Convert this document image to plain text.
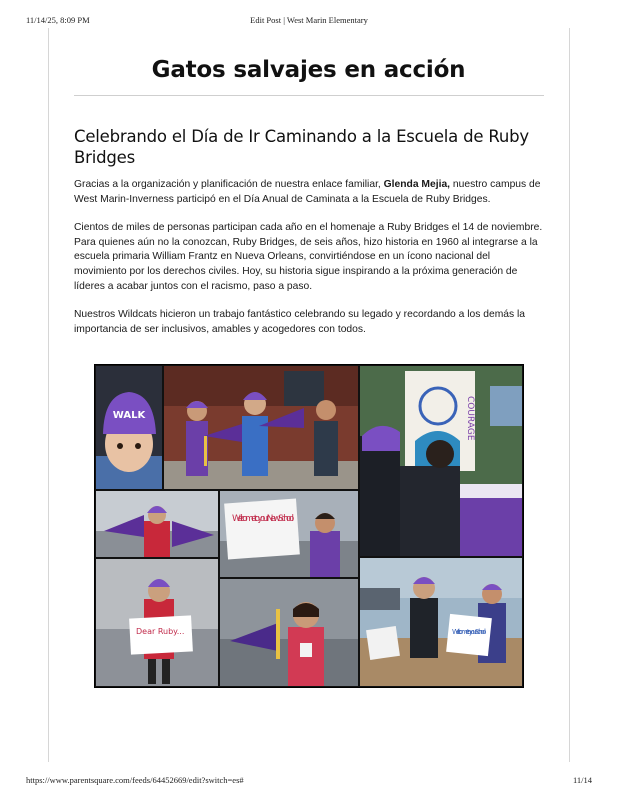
11/14/25, 8:09 PM	Edit Post | West Marin Elementary
Gatos salvajes en acción
Celebrando el Día de Ir Caminando a la Escuela de Ruby Bridges

Gracias a la organización y planificación de nuestra enlace familiar, Glenda Mejia, nuestro campus de West Marin-Inverness participó en el Día Anual de Caminata a la Escuela de Ruby Bridges.

Cientos de miles de personas participan cada año en el homenaje a Ruby Bridges el 14 de noviembre. Para quienes aún no la conozcan, Ruby Bridges, de seis años, hizo historia en 1960 al integrarse a la escuela primaria William Frantz en Nueva Orleans, convirtiéndose en un ícono nacional del movimiento por los derechos civiles. Hoy, su historia sigue inspirando a la próxima generación de líderes a acabar juntos con el racismo, paso a paso.

Nuestros Wildcats hicieron un trabajo fantástico celebrando su legado y recordando a los demás la importancia de ser inclusivos, amables y acogedores con todos.

WALK	COURAGE
Welcome to your New School
Dear Ruby...	Welcome to your School
https://www.parentsquare.com/feeds/64452669/edit?switch=es#	11/14
